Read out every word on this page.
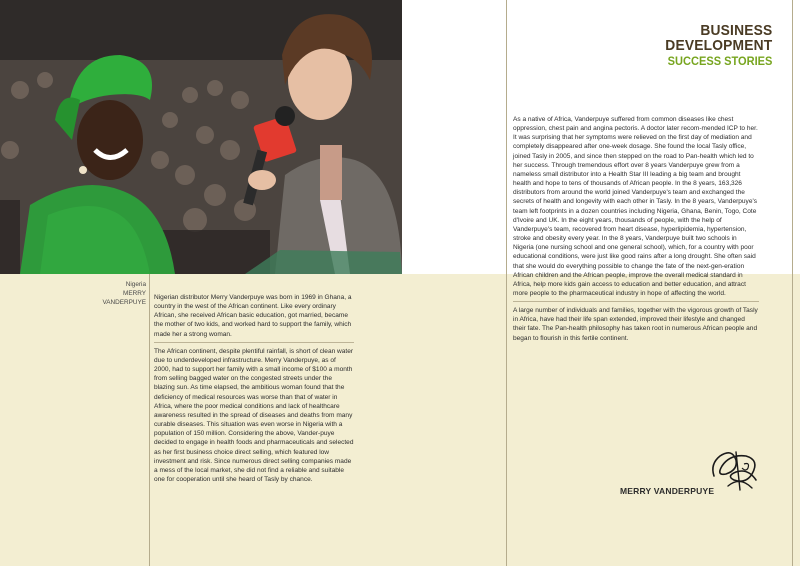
BUSINESS
DEVELOPMENT
SUCCESS STORIES
Nigeria
MERRY VANDERPUYE

Nigerian distributor Merry Vanderpuye was born in 1969 in Ghana, a country in the west of the African continent. Like every ordinary African, she received African basic education, got married, became the mother of two kids, and worked hard to support the family, which made her a strong woman.

The African continent, despite plentiful rainfall, is short of clean water due to underdeveloped infrastructure. Merry Vanderpuye, as of 2000, had to support her family with a small income of $100 a month from selling bagged water on the congested streets under the blazing sun. As time elapsed, the ambitious woman found that the deficiency of medical resources was worse than that of water in Africa, where the poor medical conditions and lack of healthcare awareness resulted in the spread of diseases and deaths from many curable diseases. This situation was even worse in Nigeria with a population of 150 million. Considering the above, Vander-puye decided to engage in health foods and pharmaceuticals and selected as her first business choice direct selling, which featured low investment and risk. Since numerous direct selling companies made a mess of the local market, she did not find a reliable and suitable one for cooperation until she heard of Tasly by chance.

As a native of Africa, Vanderpuye suffered from common diseases like chest oppression, chest pain and angina pectoris. A doctor later recom-mended ICP to her. It was surprising that her symptoms were relieved on the first day of mediation and completely disappeared after one-week dosage. She found the local Tasly office, joined Tasly in 2005, and since then stepped on the road to Pan-health which led to her success. Through tremendous effort over 8 years Vanderpuye grew from a nameless small distributor into a Health Star III leading a big team and brought health and hope to tens of thousands of African people. In the 8 years, 163,326 distributors from around the world joined Vanderpuye's team and exchanged the secrets of health and longevity with each other in Tasly. In the 8 years, Vanderpuye's team left footprints in a dozen countries including Nigeria, Ghana, Benin, Togo, Cote d'Ivoire and UK. In the eight years, thousands of people, with the help of Vanderpuye's team, recovered from heart disease, hyperlipidemia, hypertension, stroke and obesity every year. In the 8 years, Vanderpuye built two schools in Nigeria (one nursing school and one general school), which, for a country with poor educational conditions, were just like good rains after a long drought. She often said that she would do everything possible to change the fate of the next-gen-eration African children and the African people, improve the overall medical standard in Africa, help more kids gain access to education and better education, and attract more people to the pharmaceutical industry in hope of affecting the world.

A large number of individuals and families, together with the vigorous growth of Tasly in Africa, have had their life span extended, improved their lifestyle and changed their fate. The Pan-health philosophy has taken root in numerous African people and began to flourish in this fertile continent.

MERRY VANDERPUYE
